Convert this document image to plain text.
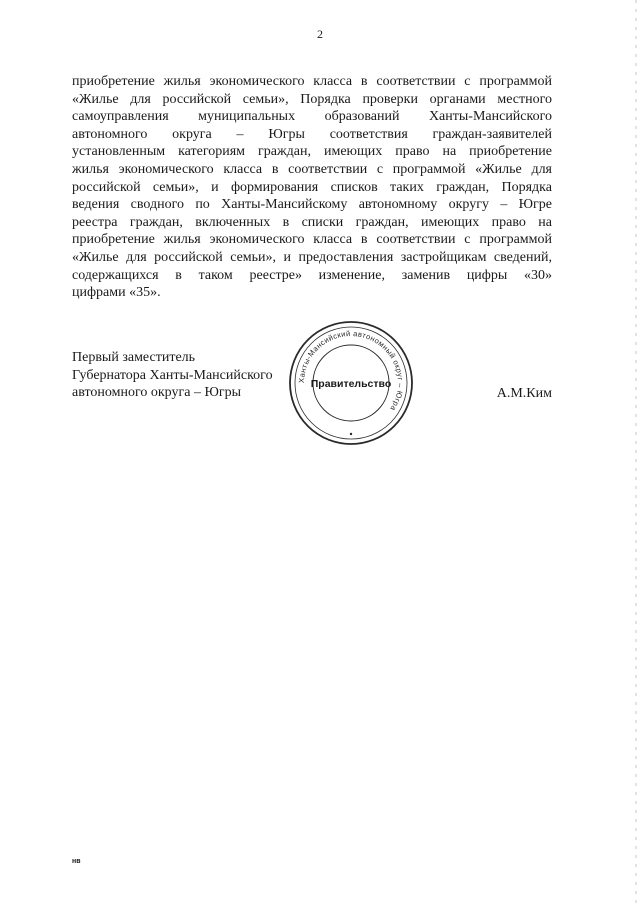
2
приобретение жилья экономического класса в соответствии с программой
«Жилье для российской семьи», Порядка проверки органами местного
самоуправления муниципальных образований Ханты-Мансийского
автономного округа – Югры соответствия граждан-заявителей
установленным категориям граждан, имеющих право на приобретение
жилья экономического класса в соответствии с программой «Жилье для
российской семьи», и формирования списков таких граждан, Порядка
ведения сводного по Ханты-Мансийскому автономному округу – Югре
реестра граждан, включенных в списки граждан, имеющих право на
приобретение жилья экономического класса в соответствии с программой
«Жилье для российской семьи», и предоставления застройщикам сведений,
содержащихся в таком реестре» изменение, заменив цифры «30»
цифрами «35».
Первый заместитель
Губернатора Ханты-Мансийского
автономного округа – Югры	А.М.Ким
Ханты-Мансийский автономный округ – Югра
Правительство
нв
